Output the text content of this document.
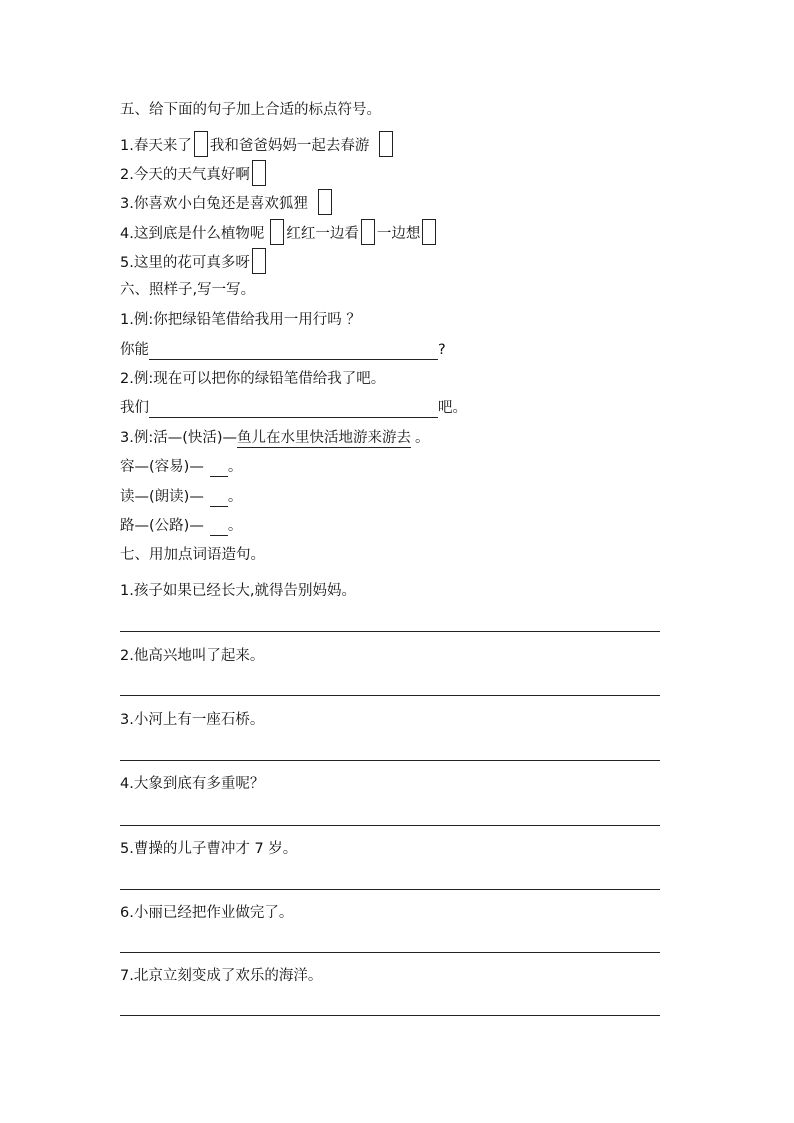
五、给下面的句子加上合适的标点符号。
1.春天来了 我和爸爸妈妈一起去春游
2.今天的天气真好啊
3.你喜欢小白兔还是喜欢狐狸
4.这到底是什么植物呢 红红一边看 一边想
5.这里的花可真多呀
六、照样子,写一写。
1.例:你把绿铅笔借给我用一用行吗 ？
你能	?
2.例:现在可以把你的绿铅笔借给我了吧。
我们	吧。
3.例:活—(快活)—鱼儿在水里快活地游来游去 。
容—(容易)— 。
读—(朗读)— 。
路—(公路)— 。
七、用加点词语造句。
1.孩子如果已经长大,就得告别妈妈。
2.他高兴地叫了起来。
3.小河上有一座石桥。
4.大象到底有多重呢？
5.曹操的儿子曹冲才 7 岁。
6.小丽已经把作业做完了。
7.北京立刻变成了欢乐的海洋。
